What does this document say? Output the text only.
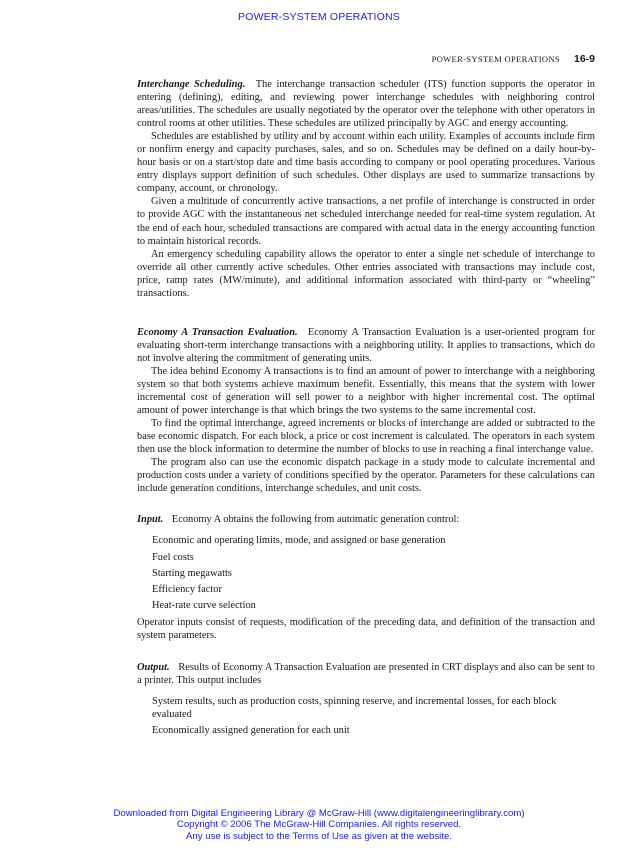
POWER-SYSTEM OPERATIONS
POWER-SYSTEM OPERATIONS 16-9

Interchange Scheduling. The interchange transaction scheduler (ITS) function supports the operator in entering (defining), editing, and reviewing power interchange schedules with neighboring control areas/utilities. The schedules are usually negotiated by the operator over the telephone with other operators in control rooms at other utilities. These schedules are utilized principally by AGC and energy accounting.

Schedules are established by utility and by account within each utility. Examples of accounts include firm or nonfirm energy and capacity purchases, sales, and so on. Schedules may be defined on a daily hour-by-hour basis or on a start/stop date and time basis according to company or pool operating procedures. Various entry displays support definition of such schedules. Other displays are used to summarize transactions by company, account, or chronology.

Given a multitude of concurrently active transactions, a net profile of interchange is constructed in order to provide AGC with the instantaneous net scheduled interchange needed for real-time system regulation. At the end of each hour, scheduled transactions are compared with actual data in the energy accounting function to maintain historical records.

An emergency scheduling capability allows the operator to enter a single net schedule of interchange to override all other currently active schedules. Other entries associated with transactions may include cost, price, ramp rates (MW/minute), and additional information associated with third-party or “wheeling” transactions.

Economy A Transaction Evaluation. Economy A Transaction Evaluation is a user-oriented program for evaluating short-term interchange transactions with a neighboring utility. It applies to transactions, which do not involve altering the commitment of generating units.

The idea behind Economy A transactions is to find an amount of power to interchange with a neighboring system so that both systems achieve maximum benefit. Essentially, this means that the system with lower incremental cost of generation will sell power to a neighbor with higher incremental cost. The optimal amount of power interchange is that which brings the two systems to the same incremental cost.

To find the optimal interchange, agreed increments or blocks of interchange are added or subtracted to the base economic dispatch. For each block, a price or cost increment is calculated. The operators in each system then use the block information to determine the number of blocks to use in reaching a final interchange value.

The program also can use the economic dispatch package in a study mode to calculate incremental and production costs under a variety of conditions specified by the operator. Parameters for these calculations can include generation conditions, interchange schedules, and unit costs.

Input. Economy A obtains the following from automatic generation control:

Economic and operating limits, mode, and assigned or base generation
Fuel costs
Starting megawatts
Efficiency factor
Heat-rate curve selection

Operator inputs consist of requests, modification of the preceding data, and definition of the transaction and system parameters.

Output. Results of Economy A Transaction Evaluation are presented in CRT displays and also can be sent to a printer. This output includes

System results, such as production costs, spinning reserve, and incremental losses, for each block evaluated
Economically assigned generation for each unit
Downloaded from Digital Engineering Library @ McGraw-Hill (www.digitalengineeringlibrary.com)
Copyright © 2006 The McGraw-Hill Companies. All rights reserved.
Any use is subject to the Terms of Use as given at the website.
